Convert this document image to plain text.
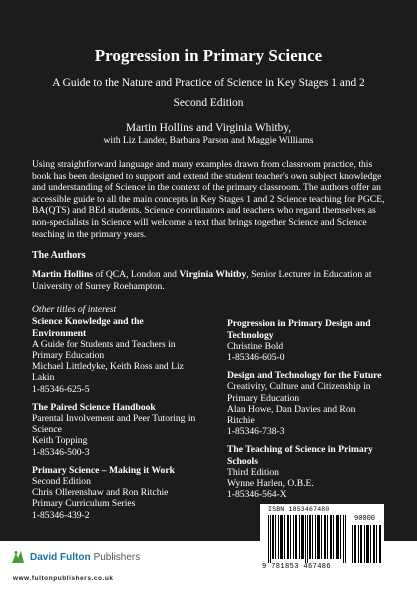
Progression in Primary Science
A Guide to the Nature and Practice of Science in Key Stages 1 and 2
Second Edition
Martin Hollins and Virginia Whitby,
with Liz Lander, Barbara Parson and Maggie Williams
Using straightforward language and many examples drawn from classroom practice, this book has been designed to support and extend the student teacher's own subject knowledge and understanding of Science in the context of the primary classroom. The authors offer an accessible guide to all the main concepts in Key Stages 1 and 2 Science teaching for PGCE, BA(QTS) and BEd students. Science coordinators and teachers who regard themselves as non-specialists in Science will welcome a text that brings together Science and Science teaching in the primary years.
The Authors
Martin Hollins of QCA, London and Virginia Whitby, Senior Lecturer in Education at University of Surrey Roehampton.
Other titles of interest
Science Knowledge and the Environment
A Guide for Students and Teachers in Primary Education
Michael Littledyke, Keith Ross and Liz Lakin
1-85346-625-5
The Paired Science Handbook
Parental Involvement and Peer Tutoring in Science
Keith Topping
1-85346-500-3
Primary Science – Making it Work
Second Edition
Chris Ollerenshaw and Ron Ritchie
Primary Curriculum Series
1-85346-439-2
Progression in Primary Design and Technology
Christine Bold
1-85346-605-0
Design and Technology for the Future
Creativity, Culture and Citizenship in Primary Education
Alan Howe, Dan Davies and Ron Ritchie
1-85346-738-3
The Teaching of Science in Primary Schools
Third Edition
Wynne Harlen, O.B.E.
1-85346-564-X
ISBN 1853467480
90000
9 781853 467486
David Fulton Publishers
www.fultonpublishers.co.uk
